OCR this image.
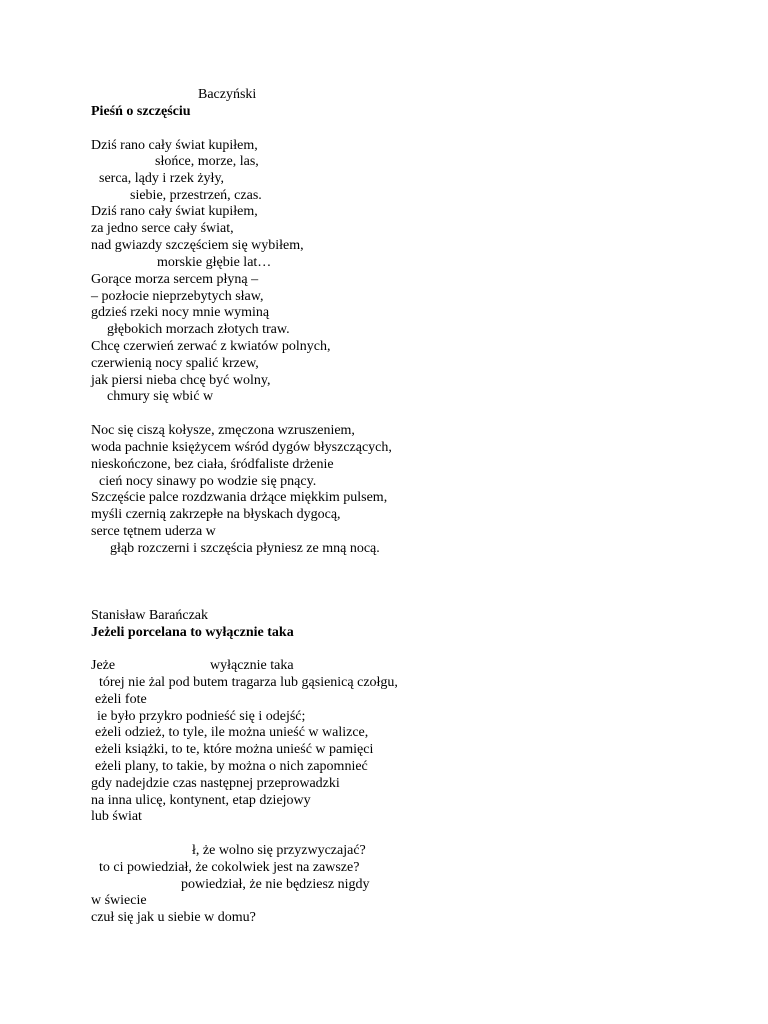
Baczyński
Pieśń o szczęściu
Dziś rano cały świat kupiłem,
słońce, morze, las,
serca, lądy i rzek żyły,
siebie, przestrzeń, czas.
Dziś rano cały świat kupiłem,
za jedno serce cały świat,
nad gwiazdy szczęściem się wybiłem,
morskie głębie lat…
Gorące morza sercem płyną –
– pozłocie nieprzebytych sław,
gdzieś rzeki nocy mnie wyminą
głębokich morzach złotych traw.
Chcę czerwień zerwać z kwiatów polnych,
czerwienią nocy spalić krzew,
jak piersi nieba chcę być wolny,
chmury się wbić w
Noc się ciszą kołysze, zmęczona wzruszeniem,
woda pachnie księżycem wśród dygów błyszczących,
nieskończone, bez ciała, śródfaliste drżenie
cień nocy sinawy po wodzie się pnący.
Szczęście palce rozdzwania drżące miękkim pulsem,
myśli czernią zakrzepłe na błyskach dygocą,
serce tętnem uderza w
głąb rozczerni i szczęścia płyniesz ze mną nocą.
Stanisław Barańczak
Jeżeli porcelana to wyłącznie taka
Jeże	wyłącznie taka
tórej nie żal pod butem tragarza lub gąsienicą czołgu,
eżeli fote
ie było przykro podnieść się i odejść;
eżeli odzież, to tyle, ile można unieść w walizce,
eżeli książki, to te, które można unieść w pamięci
eżeli plany, to takie, by można o nich zapomnieć
gdy nadejdzie czas następnej przeprowadzki
na inna ulicę, kontynent, etap dziejowy
lub świat
ł, że wolno się przyzwyczajać?
to ci powiedział, że cokolwiek jest na zawsze?
powiedział, że nie będziesz nigdy
w świecie
czuł się jak u siebie w domu?
